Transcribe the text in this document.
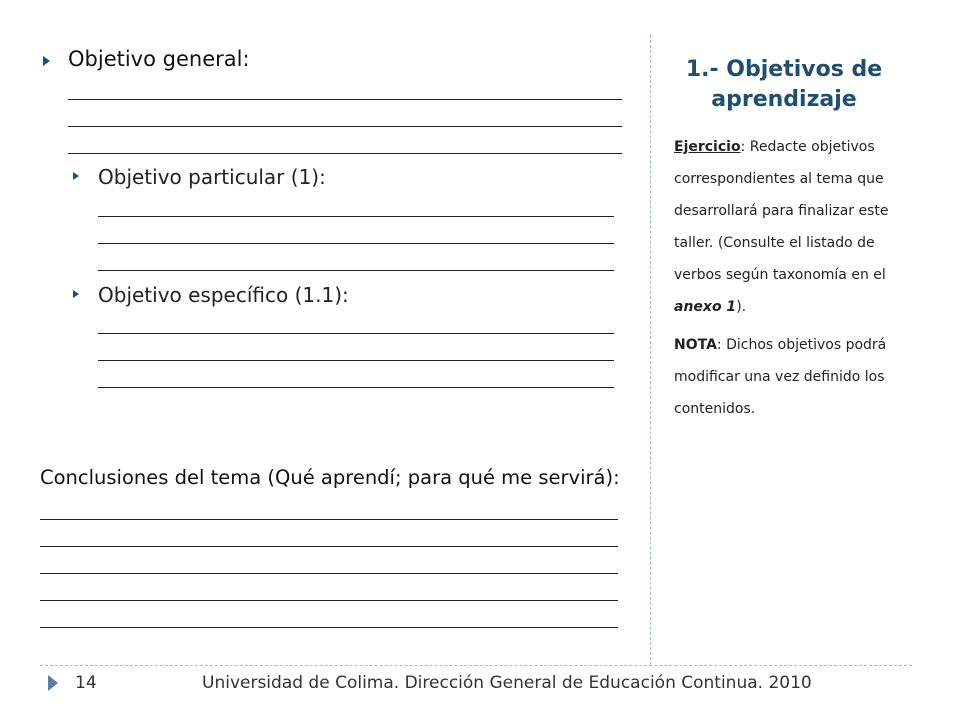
Objetivo general:
Objetivo particular (1):
Objetivo específico (1.1):
Conclusiones del tema (Qué aprendí; para qué me servirá):
1.- Objetivos de aprendizaje
Ejercicio: Redacte objetivos correspondientes al tema que desarrollará para finalizar este taller. (Consulte el listado de verbos según taxonomía en el anexo 1).
NOTA: Dichos objetivos podrá modificar una vez definido los contenidos.
14	Universidad de Colima. Dirección General de Educación Continua. 2010
